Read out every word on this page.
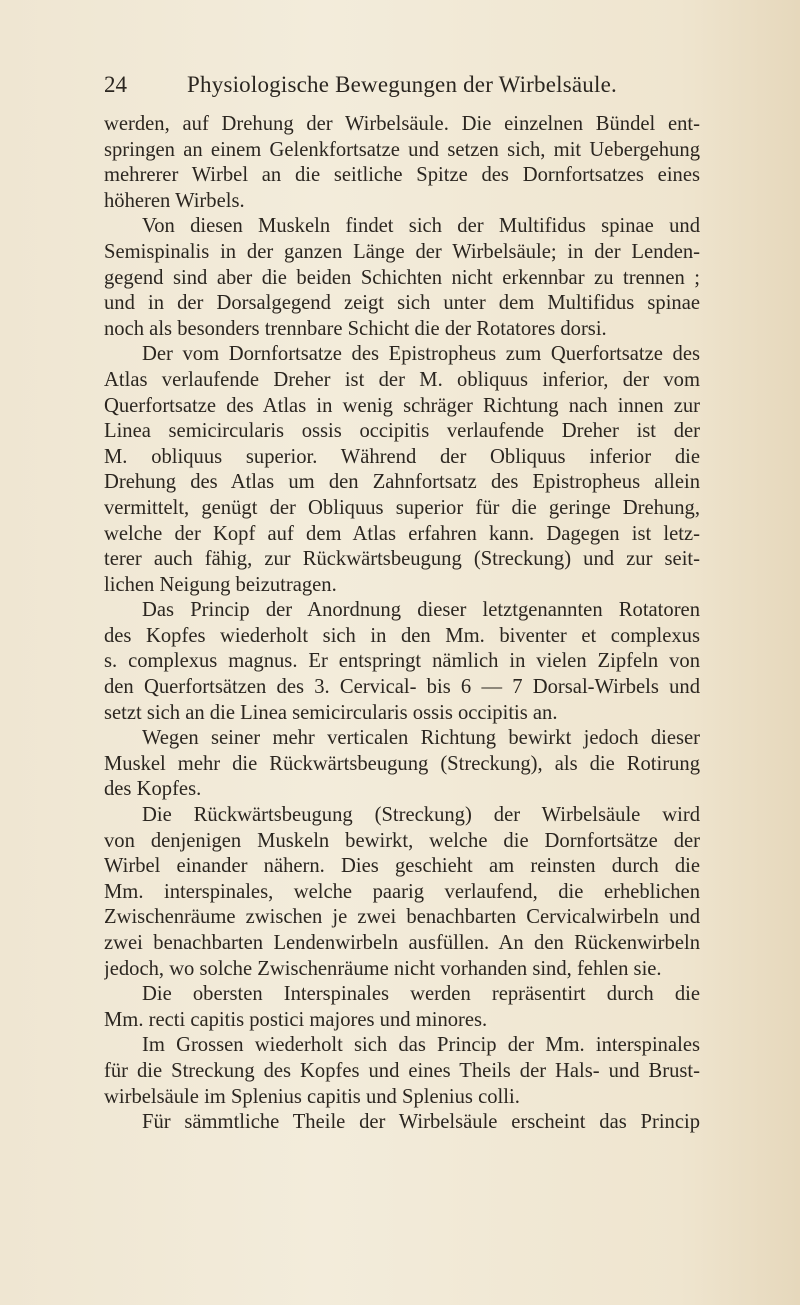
24	Physiologische Bewegungen der Wirbelsäule.
werden, auf Drehung der Wirbelsäule. Die einzelnen Bündel ent-
springen an einem Gelenkfortsatze und setzen sich, mit Uebergehung
mehrerer Wirbel an die seitliche Spitze des Dornfortsatzes eines
höheren Wirbels.
Von diesen Muskeln findet sich der Multifidus spinae und
Semispinalis in der ganzen Länge der Wirbelsäule; in der Lenden-
gegend sind aber die beiden Schichten nicht erkennbar zu trennen ;
und in der Dorsalgegend zeigt sich unter dem Multifidus spinae
noch als besonders trennbare Schicht die der Rotatores dorsi.
Der vom Dornfortsatze des Epistropheus zum Querfortsatze des
Atlas verlaufende Dreher ist der M. obliquus inferior, der vom
Querfortsatze des Atlas in wenig schräger Richtung nach innen zur
Linea semicircularis ossis occipitis verlaufende Dreher ist der
M. obliquus superior. Während der Obliquus inferior die
Drehung des Atlas um den Zahnfortsatz des Epistropheus allein
vermittelt, genügt der Obliquus superior für die geringe Drehung,
welche der Kopf auf dem Atlas erfahren kann. Dagegen ist letz-
terer auch fähig, zur Rückwärtsbeugung (Streckung) und zur seit-
lichen Neigung beizutragen.
Das Princip der Anordnung dieser letztgenannten Rotatoren
des Kopfes wiederholt sich in den Mm. biventer et complexus
s. complexus magnus. Er entspringt nämlich in vielen Zipfeln von
den Querfortsätzen des 3. Cervical- bis 6 — 7 Dorsal-Wirbels und
setzt sich an die Linea semicircularis ossis occipitis an.
Wegen seiner mehr verticalen Richtung bewirkt jedoch dieser
Muskel mehr die Rückwärtsbeugung (Streckung), als die Rotirung
des Kopfes.
Die Rückwärtsbeugung (Streckung) der Wirbelsäule wird
von denjenigen Muskeln bewirkt, welche die Dornfortsätze der
Wirbel einander nähern. Dies geschieht am reinsten durch die
Mm. interspinales, welche paarig verlaufend, die erheblichen
Zwischenräume zwischen je zwei benachbarten Cervicalwirbeln und
zwei benachbarten Lendenwirbeln ausfüllen. An den Rückenwirbeln
jedoch, wo solche Zwischenräume nicht vorhanden sind, fehlen sie.
Die obersten Interspinales werden repräsentirt durch die
Mm. recti capitis postici majores und minores.
Im Grossen wiederholt sich das Princip der Mm. interspinales
für die Streckung des Kopfes und eines Theils der Hals- und Brust-
wirbelsäule im Splenius capitis und Splenius colli.
Für sämmtliche Theile der Wirbelsäule erscheint das Princip
